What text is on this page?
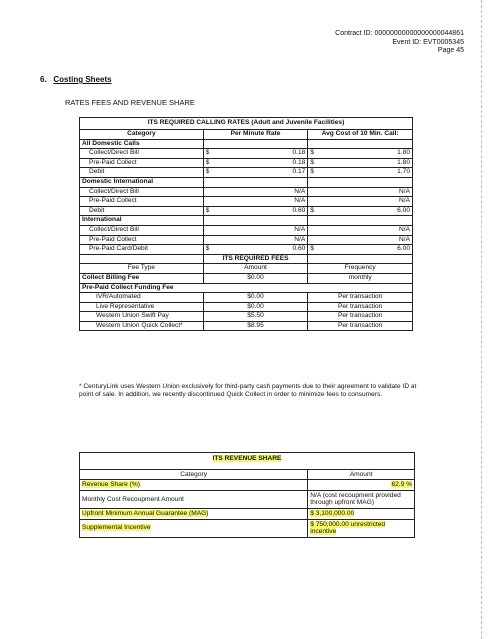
Contract ID: 00000000000000000044861
Event ID: EVT0005345
Page 45
6. Costing Sheets
RATES FEES AND REVENUE SHARE
ITS REQUIRED CALLING RATES (Adult and Juvenile Facilities)		
Category	Per Minute Rate	Avg Cost of 10 Min. Call:
All Domestic Calls		
Collect/Direct Bill	$ 0.18	$ 1.80

Pre-Paid Collect	$ 0.18	$ 1.80

Debit	$ 0.17	$ 1.70

Domestic International		
Collect/Direct Bill	N/A	N/A
Pre-Paid Collect	N/A	N/A
Debit	$ 0.60	$ 6.00

International		
Collect/Direct Bill	N/A	N/A
Pre-Paid Collect	N/A	N/A
Pre-Paid Card/Debit	$ 0.60	$ 6.00

	ITS REQUIRED FEES	
Fee Type	Amount	Frequency
Collect Billing Fee	$0.00	monthly
Pre-Paid Collect Funding Fee		
IVR/Automated	$0.00	Per transaction
Live Representative	$0.00	Per transaction
Western Union Swift Pay	$5.50	Per transaction
Western Union Quick Collect*	$8.95	Per transaction
* CenturyLink uses Western Union exclusively for third-party cash payments due to their agreement to validate ID at point of sale. In addition, we recently discontinued Quick Collect in order to minimize fees to consumers.
ITS REVENUE SHARE	
Category	Amount
Revenue Share (%)	62.9 %
Monthly Cost Recoupment Amount	N/A (cost recoupment provided through upfront MAG)
Upfront Minimum Annual Guarantee (MAG)	$ 3,100,000.00
Supplemental Incentive	$ 750,000.00 unrestricted incentive
